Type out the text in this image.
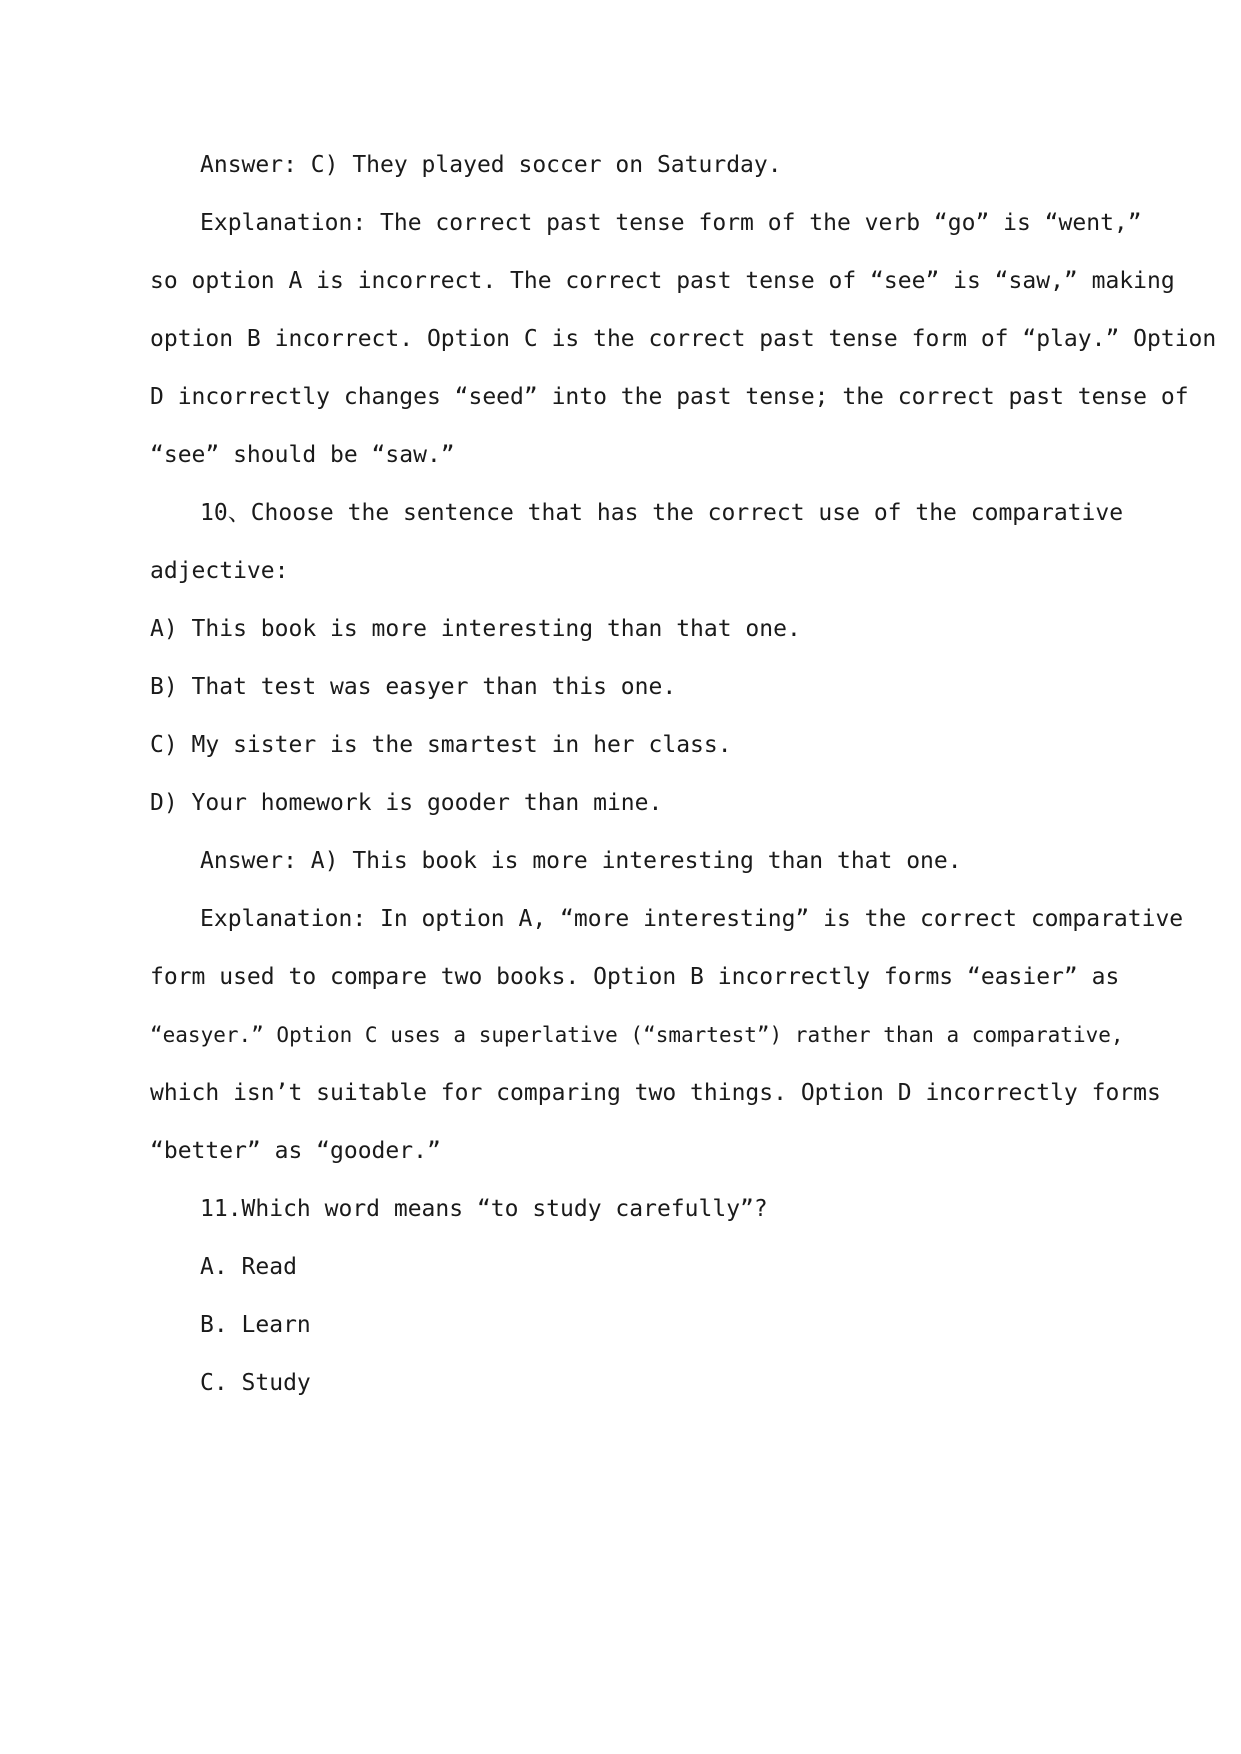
Answer: C) They played soccer on Saturday.
Explanation: The correct past tense form of the verb “go” is “went,”
so option A is incorrect. The correct past tense of “see” is “saw,” making
option B incorrect. Option C is the correct past tense form of “play.” Option
D incorrectly changes “seed” into the past tense; the correct past tense of
“see” should be “saw.”
10、Choose the sentence that has the correct use of the comparative
adjective:
A) This book is more interesting than that one.
B) That test was easyer than this one.
C) My sister is the smartest in her class.
D) Your homework is gooder than mine.
Answer: A) This book is more interesting than that one.
Explanation: In option A, “more interesting” is the correct comparative
form used to compare two books. Option B incorrectly forms “easier” as
“easyer.” Option C uses a superlative (“smartest”) rather than a comparative,
which isn’t suitable for comparing two things. Option D incorrectly forms
“better” as “gooder.”
11.Which word means “to study carefully”?
A. Read
B. Learn
C. Study
